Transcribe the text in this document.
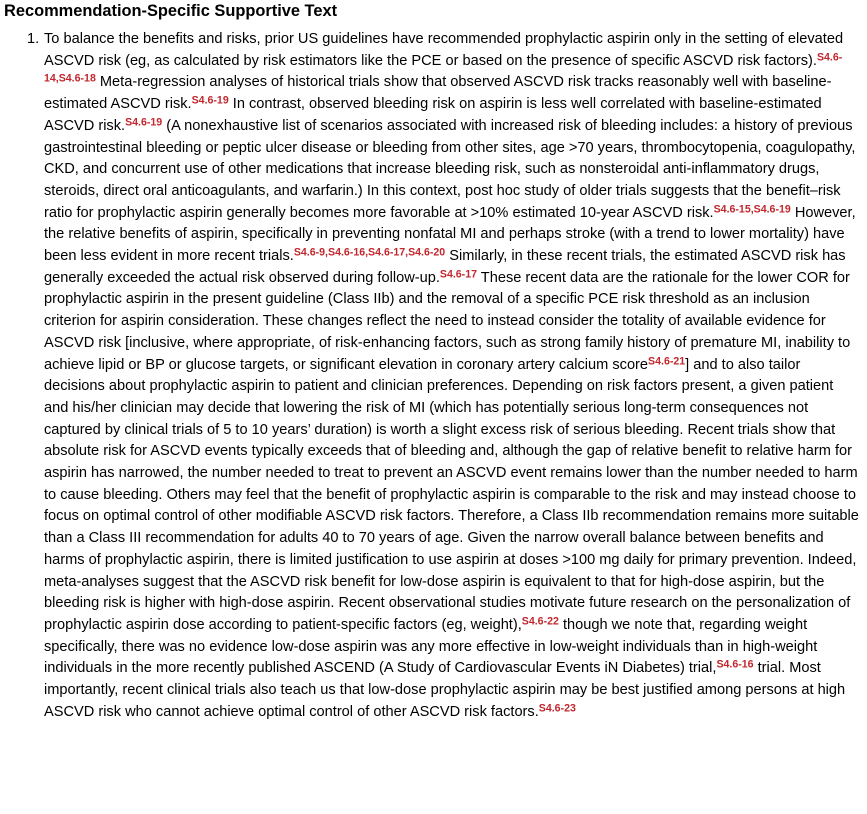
Recommendation-Specific Supportive Text
1. To balance the benefits and risks, prior US guidelines have recommended prophylactic aspirin only in the setting of elevated ASCVD risk (eg, as calculated by risk estimators like the PCE or based on the presence of specific ASCVD risk factors).$^{S4.6-14,S4.6-18}$ Meta-regression analyses of historical trials show that observed ASCVD risk tracks reasonably well with baseline-estimated ASCVD risk.$^{S4.6-19}$ In contrast, observed bleeding risk on aspirin is less well correlated with baseline-estimated ASCVD risk.$^{S4.6-19}$ (A nonexhaustive list of scenarios associated with increased risk of bleeding includes: a history of previous gastrointestinal bleeding or peptic ulcer disease or bleeding from other sites, age >70 years, thrombocytopenia, coagulopathy, CKD, and concurrent use of other medications that increase bleeding risk, such as nonsteroidal anti-inflammatory drugs, steroids, direct oral anticoagulants, and warfarin.) In this context, post hoc study of older trials suggests that the benefit–risk ratio for prophylactic aspirin generally becomes more favorable at >10% estimated 10-year ASCVD risk.$^{S4.6-15,S4.6-19}$ However, the relative benefits of aspirin, specifically in preventing nonfatal MI and perhaps stroke (with a trend to lower mortality) have been less evident in more recent trials.$^{S4.6-9,S4.6-16,S4.6-17,S4.6-20}$ Similarly, in these recent trials, the estimated ASCVD risk has generally exceeded the actual risk observed during follow-up.$^{S4.6-17}$ These recent data are the rationale for the lower COR for prophylactic aspirin in the present guideline (Class IIb) and the removal of a specific PCE risk threshold as an inclusion criterion for aspirin consideration. These changes reflect the need to instead consider the totality of available evidence for ASCVD risk [inclusive, where appropriate, of risk-enhancing factors, such as strong family history of premature MI, inability to achieve lipid or BP or glucose targets, or significant elevation in coronary artery calcium score$^{S4.6-21}$] and to also tailor decisions about prophylactic aspirin to patient and clinician preferences. Depending on risk factors present, a given patient and his/her clinician may decide that lowering the risk of MI (which has potentially serious long-term consequences not captured by clinical trials of 5 to 10 years’ duration) is worth a slight excess risk of serious bleeding. Recent trials show that absolute risk for ASCVD events typically exceeds that of bleeding and, although the gap of relative benefit to relative harm for aspirin has narrowed, the number needed to treat to prevent an ASCVD event remains lower than the number needed to harm to cause bleeding. Others may feel that the benefit of prophylactic aspirin is comparable to the risk and may instead choose to focus on optimal control of other modifiable ASCVD risk factors. Therefore, a Class IIb recommendation remains more suitable than a Class III recommendation for adults 40 to 70 years of age. Given the narrow overall balance between benefits and harms of prophylactic aspirin, there is limited justification to use aspirin at doses >100 mg daily for primary prevention. Indeed, meta-analyses suggest that the ASCVD risk benefit for low-dose aspirin is equivalent to that for high-dose aspirin, but the bleeding risk is higher with high-dose aspirin. Recent observational studies motivate future research on the personalization of prophylactic aspirin dose according to patient-specific factors (eg, weight),$^{S4.6-22}$ though we note that, regarding weight specifically, there was no evidence low-dose aspirin was any more effective in low-weight individuals than in high-weight individuals in the more recently published ASCEND (A Study of Cardiovascular Events iN Diabetes) trial,$^{S4.6-16}$ trial. Most importantly, recent clinical trials also teach us that low-dose prophylactic aspirin may be best justified among persons at high ASCVD risk who cannot achieve optimal control of other ASCVD risk factors.$^{S4.6-23}$
